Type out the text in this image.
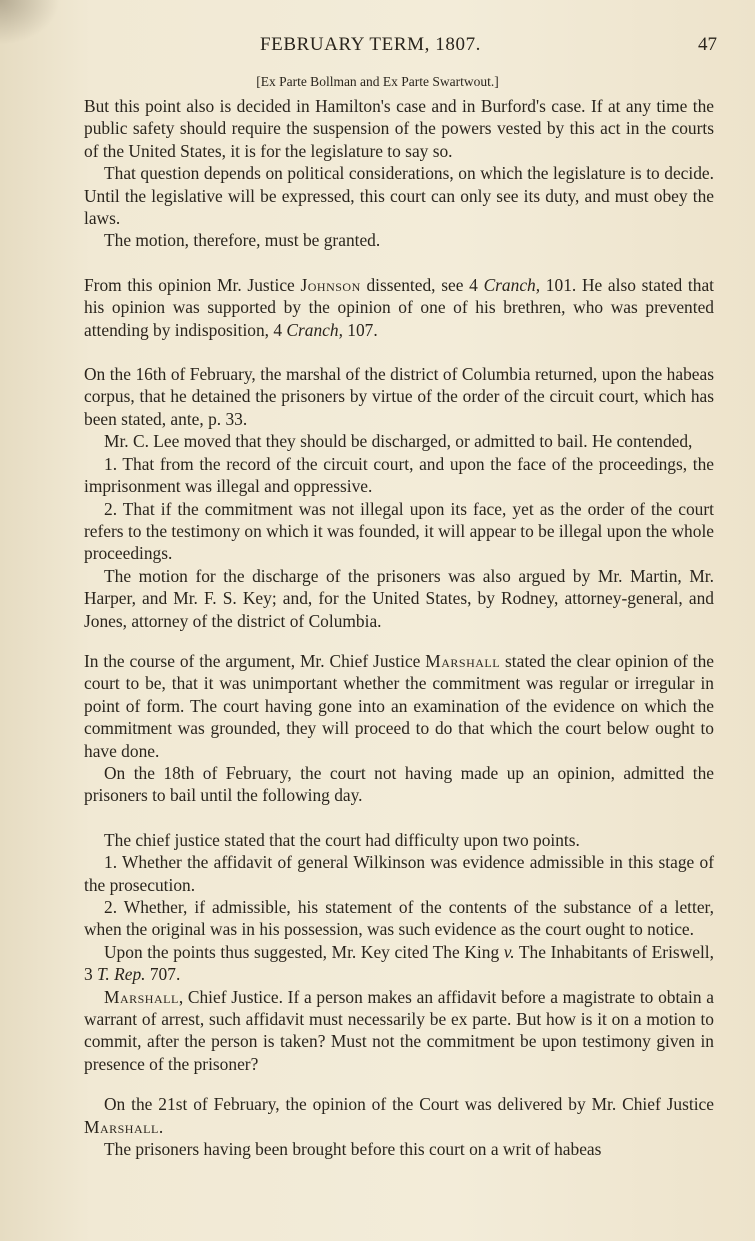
FEBRUARY TERM, 1807.	47
[Ex Parte Bollman and Ex Parte Swartwout.]

But this point also is decided in Hamilton's case and in Burford's case. If at any time the public safety should require the suspension of the powers vested by this act in the courts of the United States, it is for the legislature to say so.

That question depends on political considerations, on which the legislature is to decide. Until the legislative will be expressed, this court can only see its duty, and must obey the laws.

The motion, therefore, must be granted.

From this opinion Mr. Justice Johnson dissented, see 4 Cranch, 101. He also stated that his opinion was supported by the opinion of one of his brethren, who was prevented attending by indisposition, 4 Cranch, 107.

On the 16th of February, the marshal of the district of Columbia returned, upon the habeas corpus, that he detained the prisoners by virtue of the order of the circuit court, which has been stated, ante, p. 33.

Mr. C. Lee moved that they should be discharged, or admitted to bail. He contended,

1. That from the record of the circuit court, and upon the face of the proceedings, the imprisonment was illegal and oppressive.

2. That if the commitment was not illegal upon its face, yet as the order of the court refers to the testimony on which it was founded, it will appear to be illegal upon the whole proceedings.

The motion for the discharge of the prisoners was also argued by Mr. Martin, Mr. Harper, and Mr. F. S. Key; and, for the United States, by Rodney, attorney-general, and Jones, attorney of the district of Columbia.

In the course of the argument, Mr. Chief Justice Marshall stated the clear opinion of the court to be, that it was unimportant whether the commitment was regular or irregular in point of form. The court having gone into an examination of the evidence on which the commitment was grounded, they will proceed to do that which the court below ought to have done.

On the 18th of February, the court not having made up an opinion, admitted the prisoners to bail until the following day.

The chief justice stated that the court had difficulty upon two points.

1. Whether the affidavit of general Wilkinson was evidence admissible in this stage of the prosecution.

2. Whether, if admissible, his statement of the contents of the substance of a letter, when the original was in his possession, was such evidence as the court ought to notice.

Upon the points thus suggested, Mr. Key cited The King v. The Inhabitants of Eriswell, 3 T. Rep. 707.

Marshall, Chief Justice. If a person makes an affidavit before a magistrate to obtain a warrant of arrest, such affidavit must necessarily be ex parte. But how is it on a motion to commit, after the person is taken? Must not the commitment be upon testimony given in presence of the prisoner?

On the 21st of February, the opinion of the Court was delivered by Mr. Chief Justice Marshall.

The prisoners having been brought before this court on a writ of habeas
